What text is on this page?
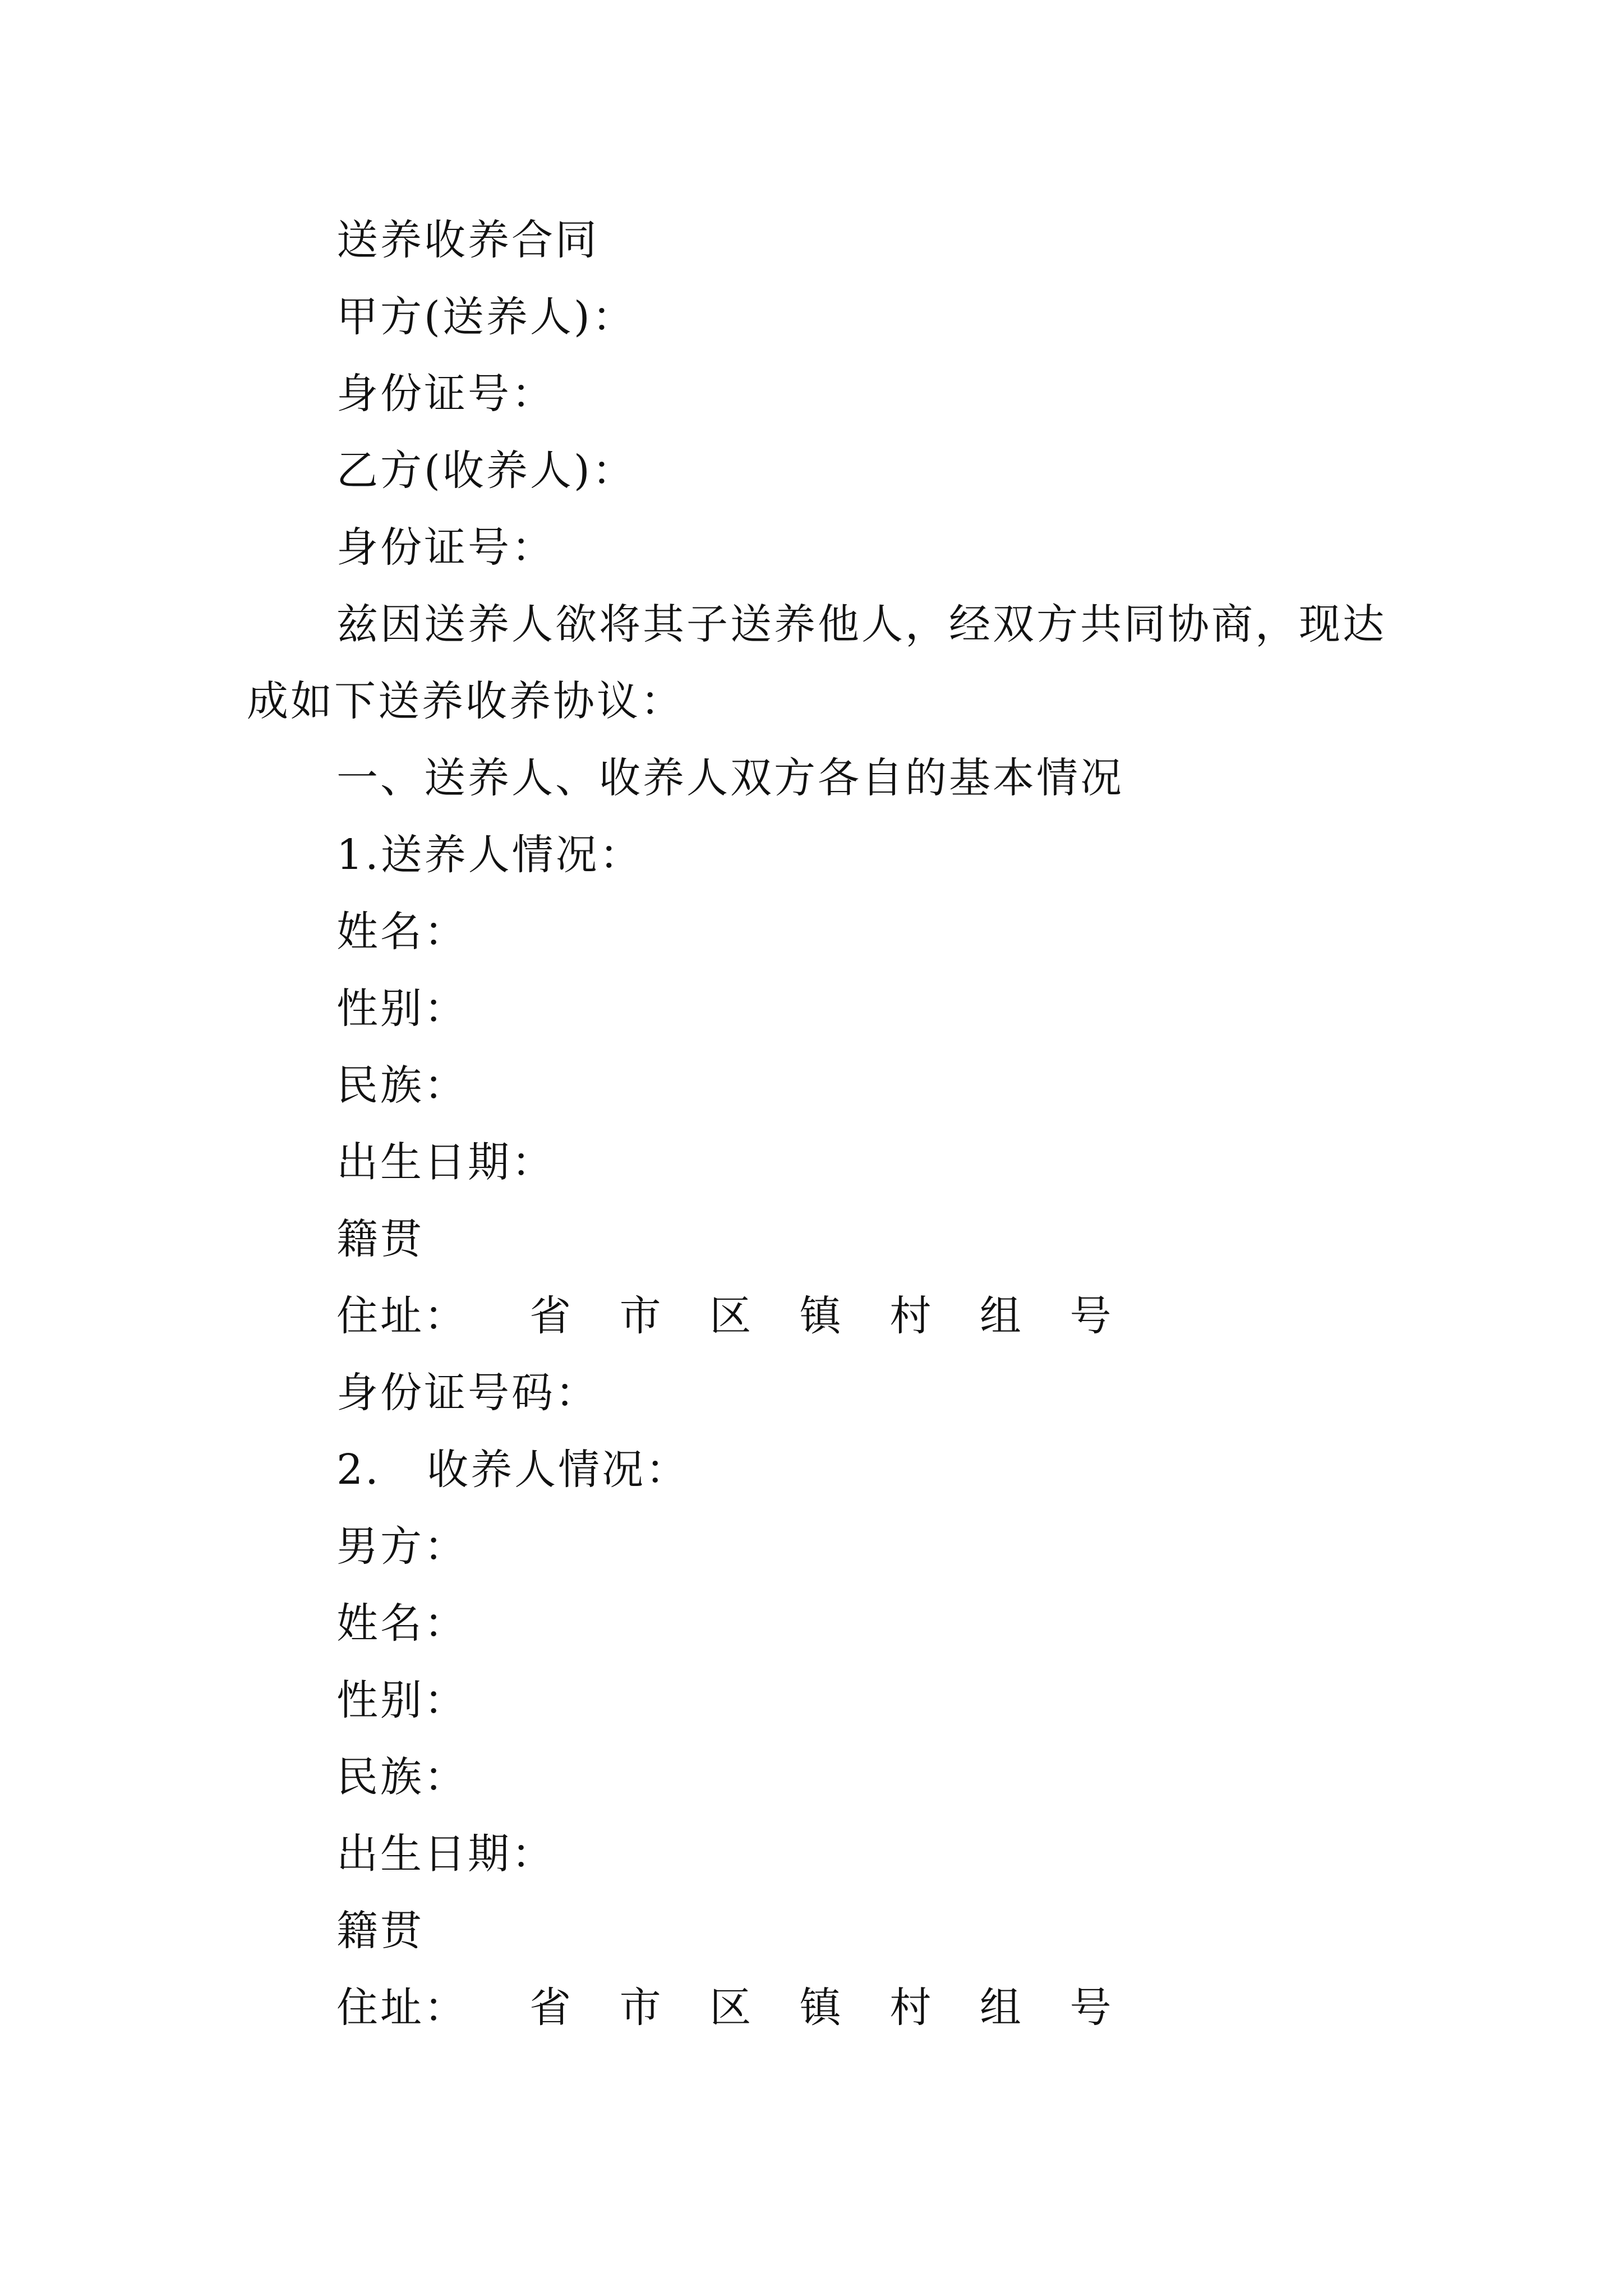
送养收养合同
甲方(送养人)：
身份证号：
乙方(收养人)：
身份证号：
兹因送养人欲将其子送养他人，经双方共同协商，现达
成如下送养收养协议：
一、送养人、收养人双方各自的基本情况
1.送养人情况：
姓名：
性别：
民族：
出生日期：
籍贯
住址：    省   市   区   镇   村   组   号
身份证号码：
2.   收养人情况：
男方：
姓名：
性别：
民族：
出生日期：
籍贯
住址：    省   市   区   镇   村   组   号
